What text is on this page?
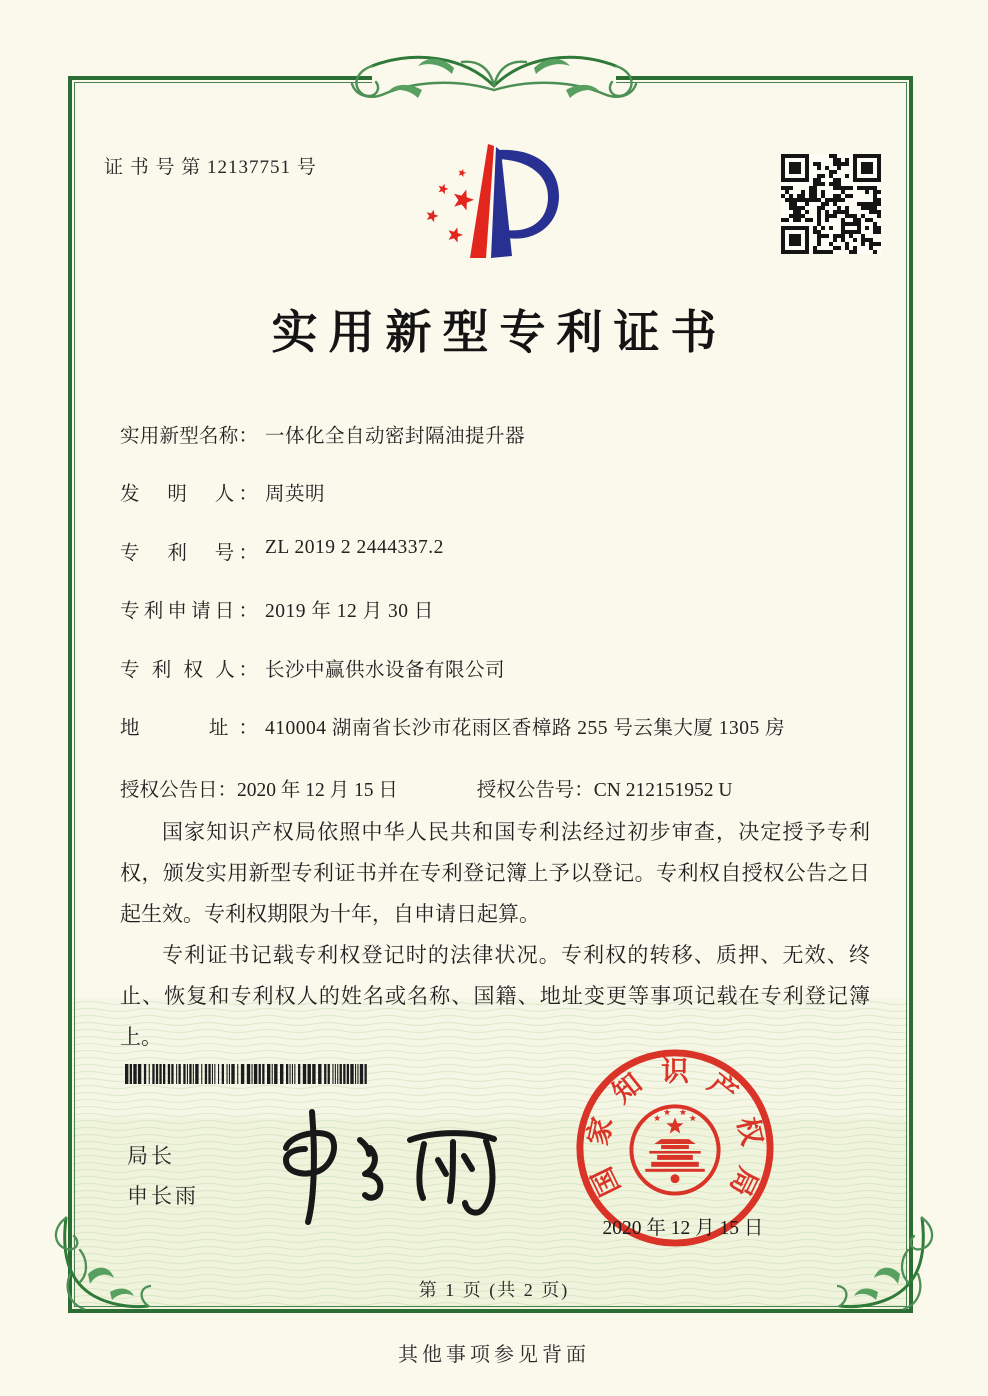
证 书 号 第 12137751 号
实用新型专利证书
实用新型名称： 一体化全自动密封隔油提升器
发　明　人： 周英明
专　利　号： ZL 2019 2 2444337.2
专利申请日： 2019 年 12 月 30 日
专 利 权 人： 长沙中赢供水设备有限公司
地　　址： 410004 湖南省长沙市花雨区香樟路 255 号云集大厦 1305 房
授权公告日：2020 年 12 月 15 日	授权公告号：CN 212151952 U

国家知识产权局依照中华人民共和国专利法经过初步审查，决定授予专利权，颁发实用新型专利证书并在专利登记簿上予以登记。专利权自授权公告之日起生效。专利权期限为十年，自申请日起算。

专利证书记载专利权登记时的法律状况。专利权的转移、质押、无效、终止、恢复和专利权人的姓名或名称、国籍、地址变更等事项记载在专利登记簿上。

局长
申长雨	国
家
知 识 产
权
局
2020 年 12 月 15 日
第 1 页 (共 2 页)
其他事项参见背面
